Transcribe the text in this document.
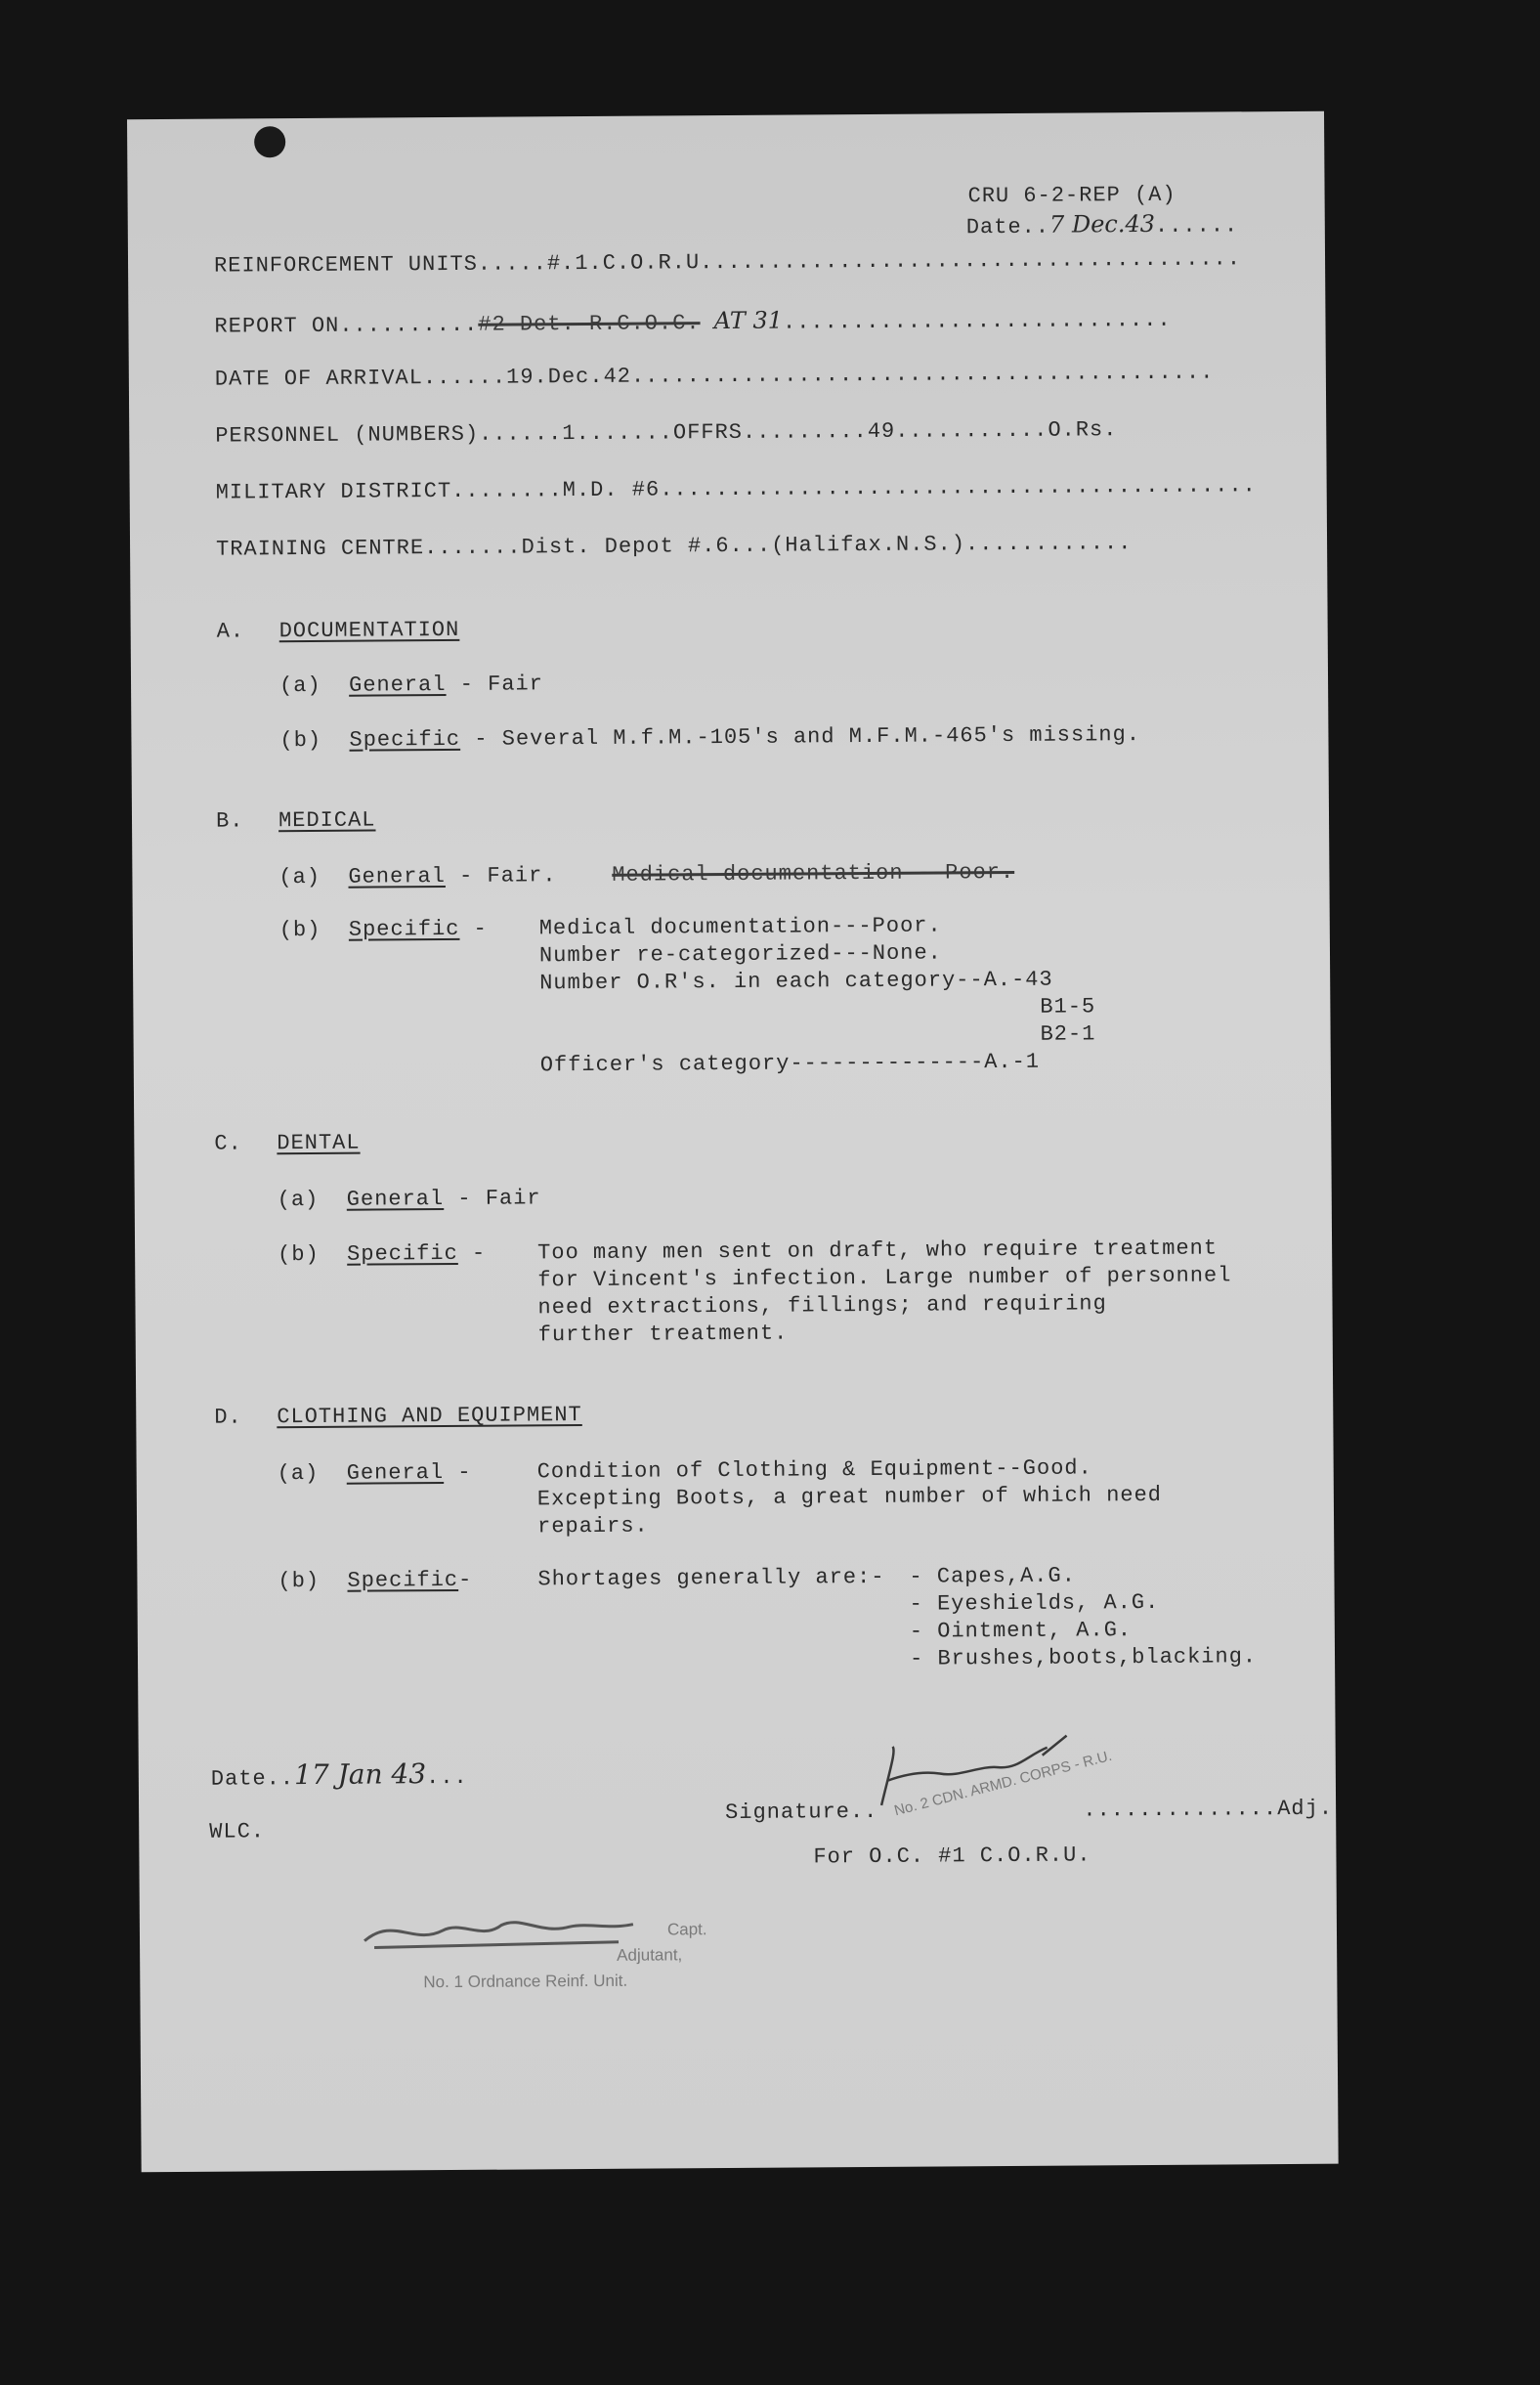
CRU 6-2-REP (A)
Date..7 Dec.43......
REINFORCEMENT UNITS.....#.1.C.O.R.U.......................................
REPORT ON..........#2 Det. R.C.O.C. AT 31............................
DATE OF ARRIVAL......19.Dec.42..........................................
PERSONNEL (NUMBERS)......1.......OFFRS.........49...........O.Rs.
MILITARY DISTRICT........M.D. #6...........................................
TRAINING CENTRE.......Dist. Depot #.6...(Halifax.N.S.)............
A. DOCUMENTATION
(a) General - Fair
(b) Specific - Several M.f.M.-105's and M.F.M.-465's missing.
B. MEDICAL
(a) General - Fair.	Medical documentation---Poor.
(b) Specific - Medical documentation---Poor.
Number re-categorized---None.
Number O.R's. in each category--A.-43
B1-5
B2-1
Officer's category--------------A.-1
C. DENTAL
(a) General - Fair
(b) Specific - Too many men sent on draft, who require treatment
for Vincent's infection. Large number of personnel
need extractions, fillings; and requiring
further treatment.
D. CLOTHING AND EQUIPMENT
(a) General - Condition of Clothing & Equipment--Good.
Excepting Boots, a great number of which need
repairs.
(b) Specific-	Shortages generally are:- - Capes,A.G.
- Eyeshields, A.G.
- Ointment, A.G.
- Brushes,boots,blacking.
Date..17 Jan 43...
Signature..	..............Adj.
No. 2 CDN. ARMD. CORPS - R.U.
For O.C. #1 C.O.R.U.
WLC.
Capt.
Adjutant,
No. 1 Ordnance Reinf. Unit.
